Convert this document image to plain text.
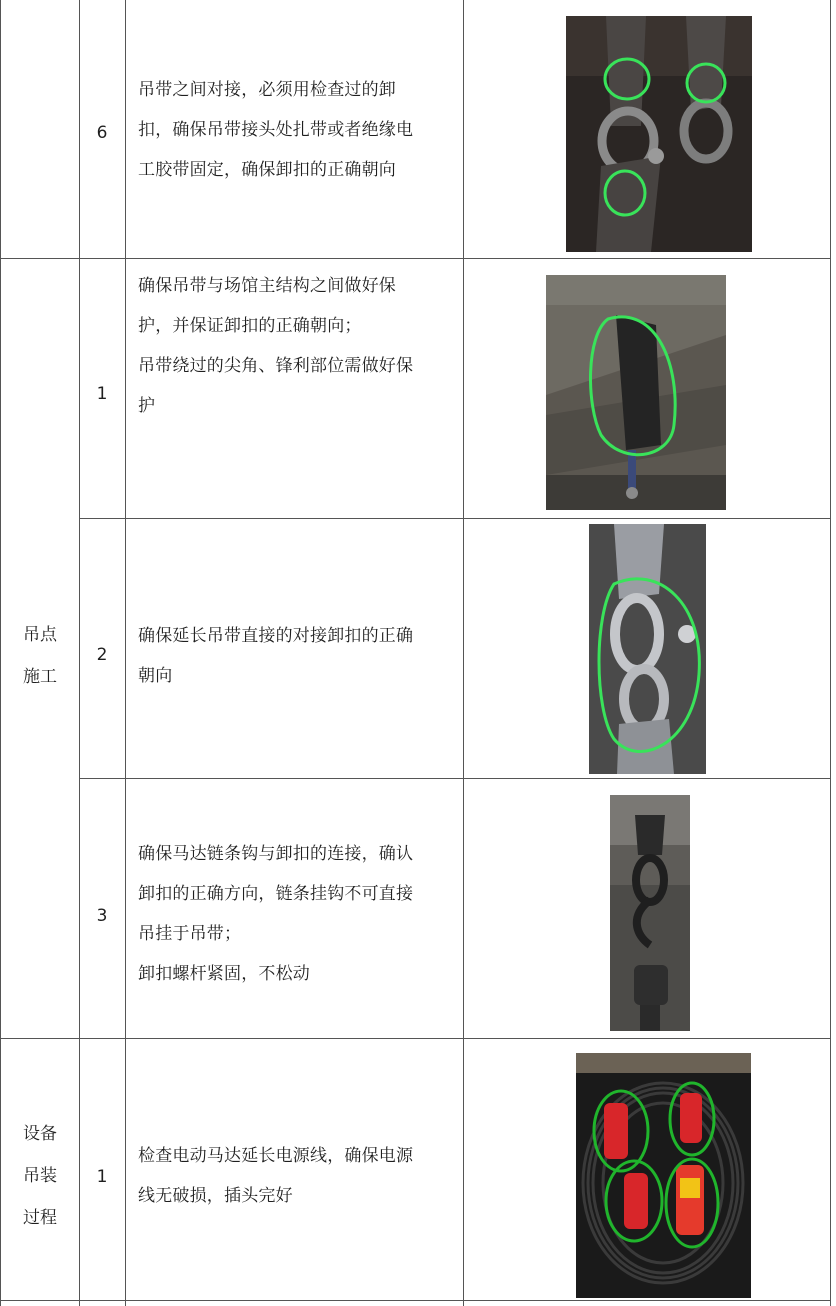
吊点
施工
设备
吊装
过程
6
吊带之间对接，必须用检查过的卸
扣，确保吊带接头处扎带或者绝缘电
工胶带固定，确保卸扣的正确朝向
1
确保吊带与场馆主结构之间做好保
护，并保证卸扣的正确朝向；
吊带绕过的尖角、锋利部位需做好保
护
2
确保延长吊带直接的对接卸扣的正确
朝向
3
确保马达链条钩与卸扣的连接，确认
卸扣的正确方向，链条挂钩不可直接
吊挂于吊带；
卸扣螺杆紧固，不松动
1
检查电动马达延长电源线，确保电源
线无破损，插头完好
